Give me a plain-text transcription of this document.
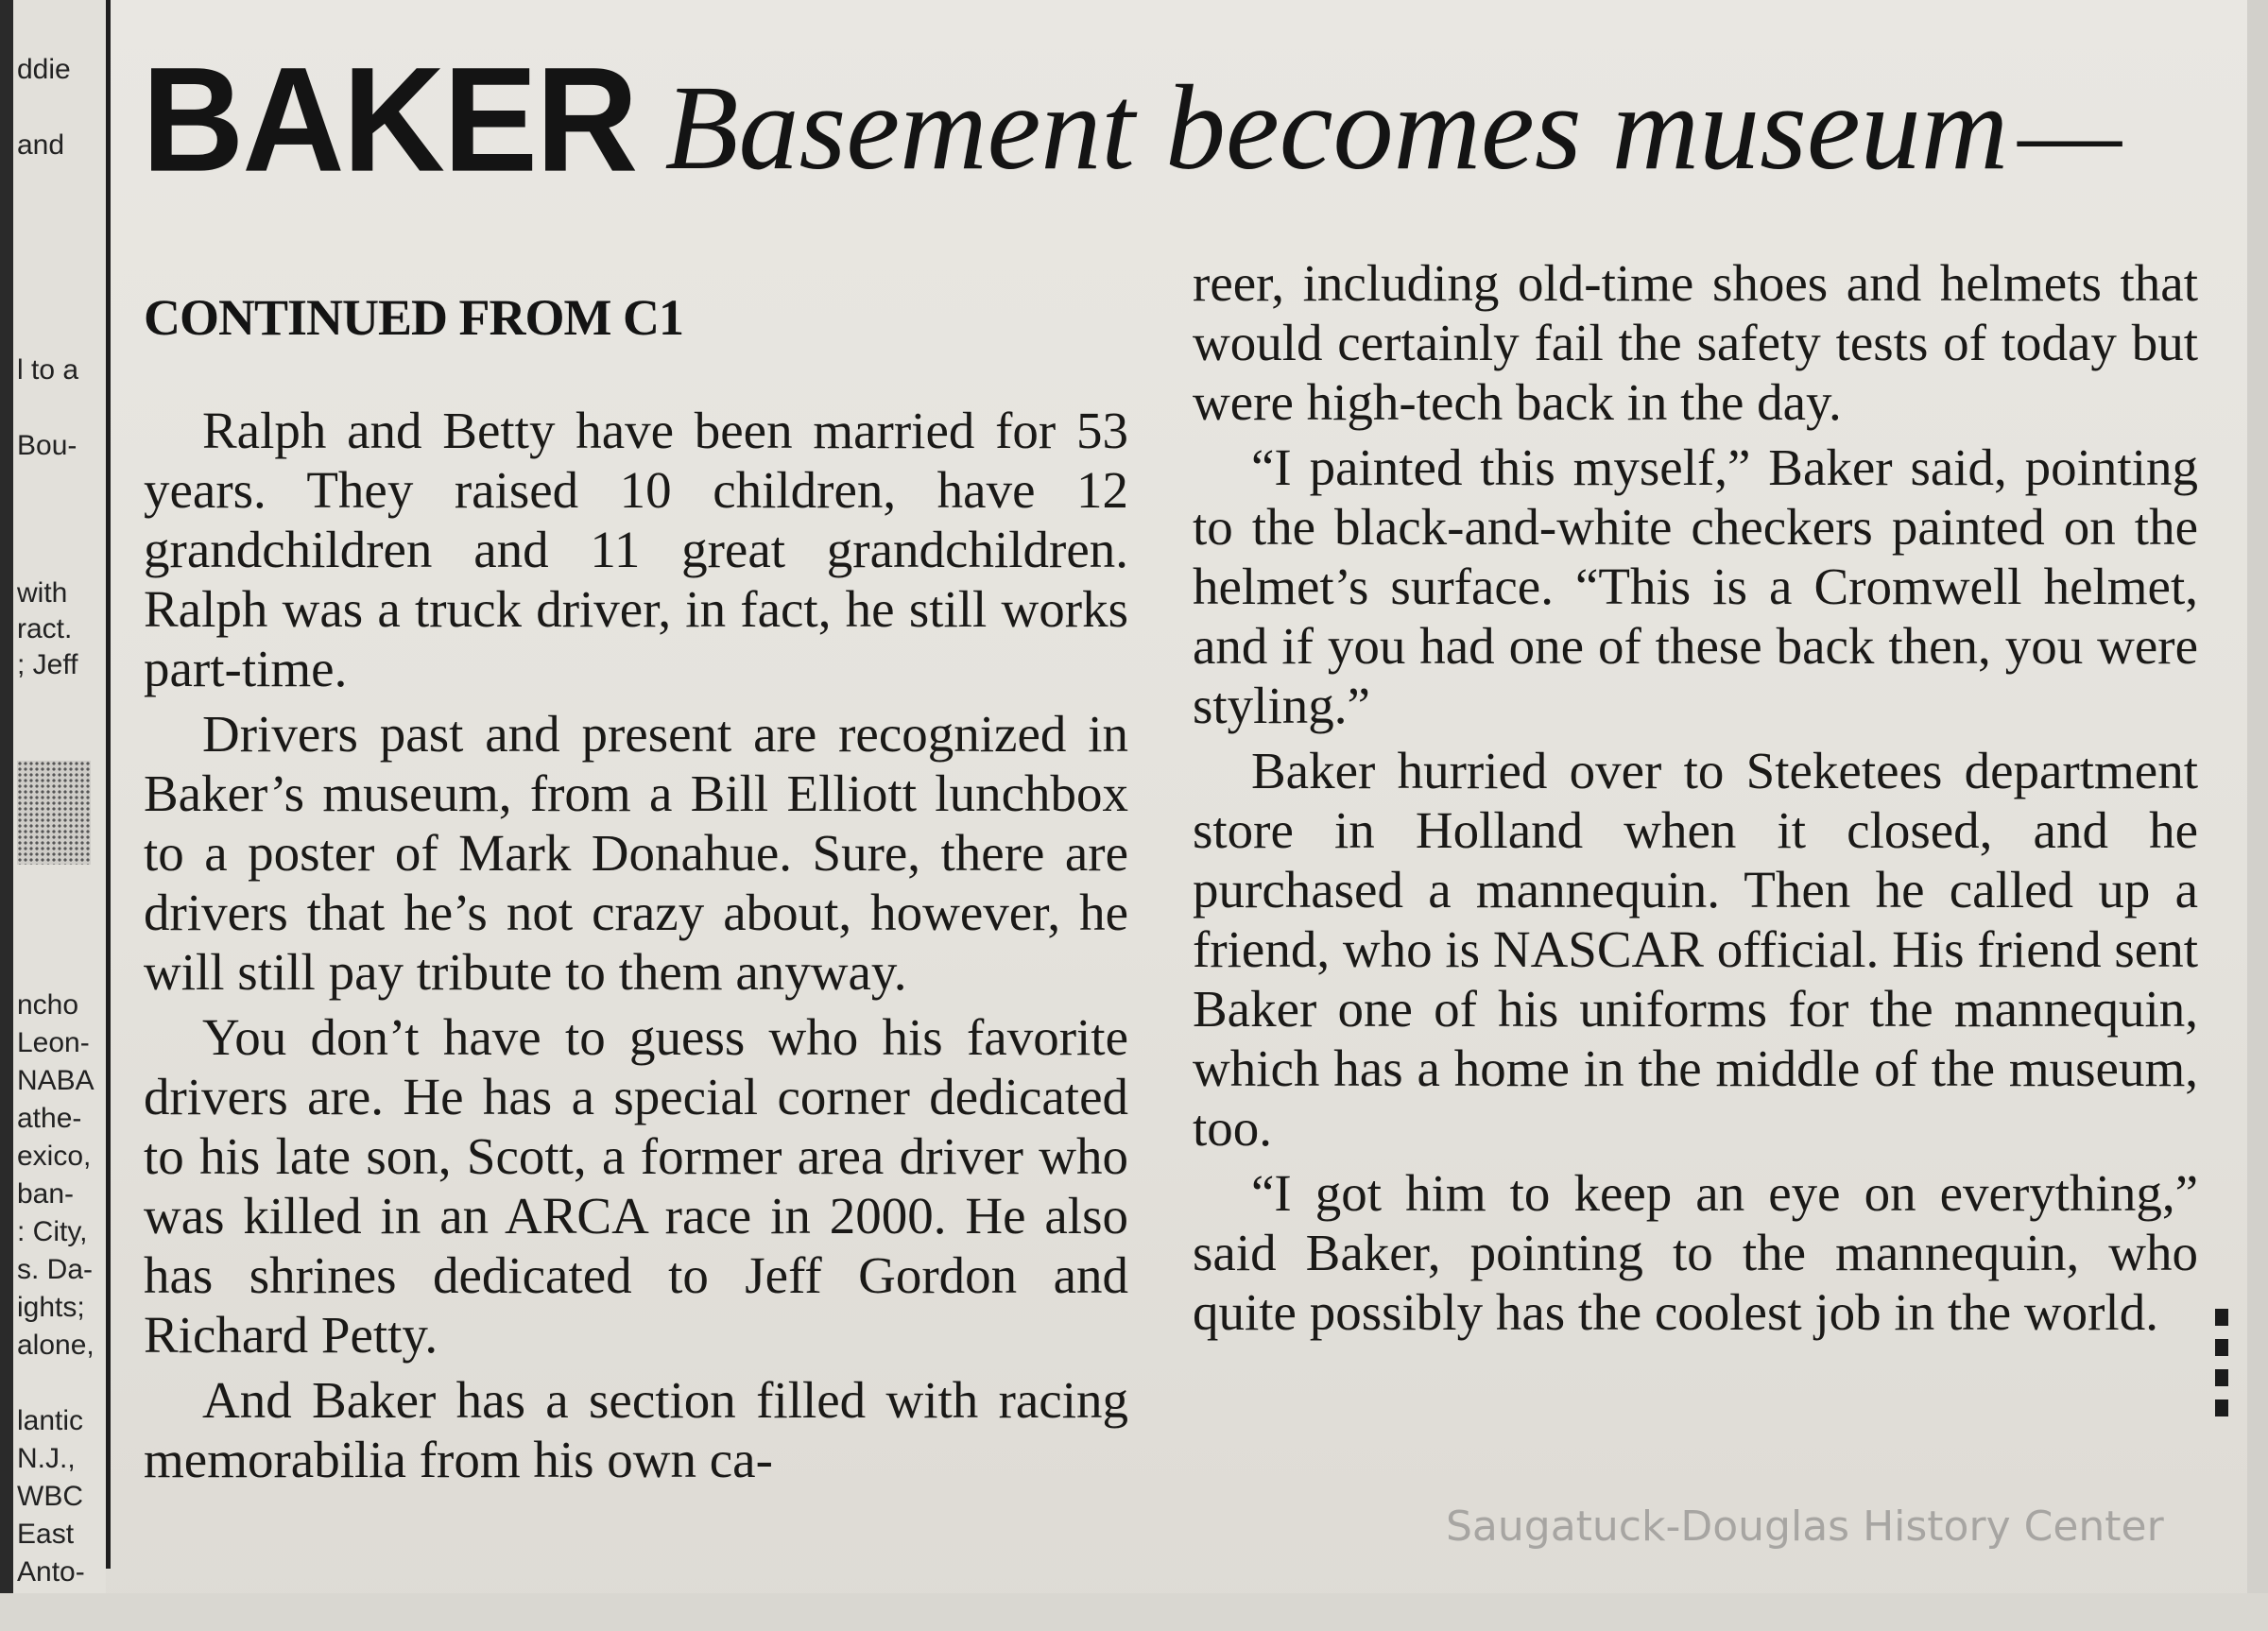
ddie
and
l to a
Bou-
with
ract.
; Jeff
ncho
Leon-
NABA
athe-
exico,
ban-
: City,
s. Da-
ights;
alone,
lantic
N.J.,
WBC
East
Anto-
BAKER Basement becomes museum—
CONTINUED FROM C1

Ralph and Betty have been married for 53 years. They raised 10 children, have 12 grandchildren and 11 great grandchildren. Ralph was a truck driver, in fact, he still works part-time.

Drivers past and present are recognized in Baker’s museum, from a Bill Elliott lunchbox to a poster of Mark Donahue. Sure, there are drivers that he’s not crazy about, however, he will still pay tribute to them anyway.

You don’t have to guess who his favorite drivers are. He has a special corner dedicated to his late son, Scott, a former area driver who was killed in an ARCA race in 2000. He also has shrines dedicated to Jeff Gordon and Richard Petty.

And Baker has a section filled with racing memorabilia from his own ca-

reer, including old-time shoes and helmets that would certainly fail the safety tests of today but were high-tech back in the day.

“I painted this myself,” Baker said, pointing to the black-and-white checkers painted on the helmet’s surface. “This is a Cromwell helmet, and if you had one of these back then, you were styling.”

Baker hurried over to Steketees department store in Holland when it closed, and he purchased a mannequin. Then he called up a friend, who is NASCAR official. His friend sent Baker one of his uniforms for the mannequin, which has a home in the middle of the museum, too.

“I got him to keep an eye on everything,” said Baker, pointing to the mannequin, who quite possibly has the coolest job in the world.

Saugatuck-Douglas History Center
